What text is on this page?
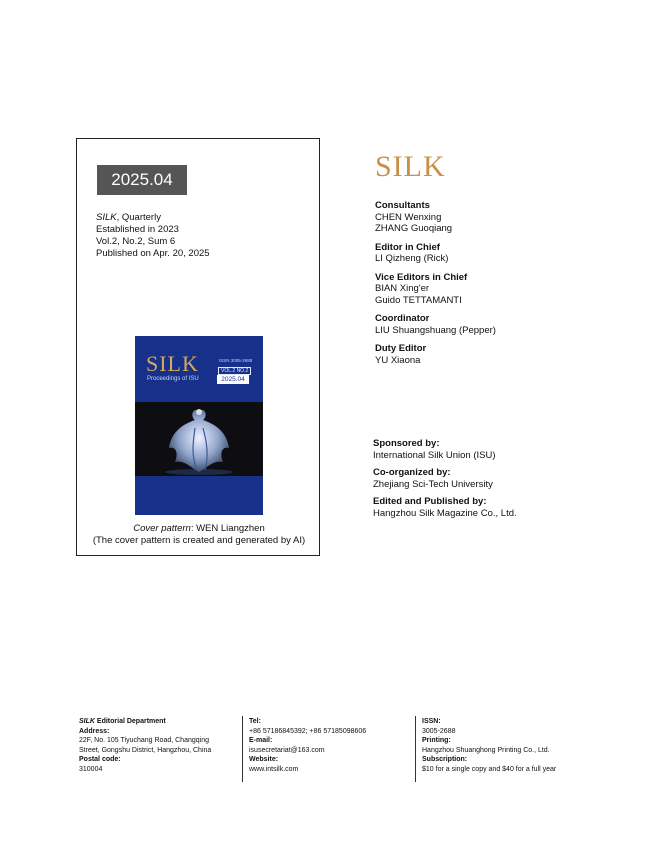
2025.04
SILK, Quarterly
Established in 2023
Vol.2, No.2, Sum 6
Published on Apr. 20, 2025
SILK
Proceedings of ISU
ISSN 3005-2688
VOL.2 NO.2
2025.04
Cover pattern: WEN Liangzhen
(The cover pattern is created and generated by AI)
SILK
Consultants
CHEN Wenxing
ZHANG Guoqiang
Editor in Chief
LI Qizheng (Rick)
Vice Editors in Chief
BIAN Xing'er
Guido TETTAMANTI
Coordinator
LIU Shuangshuang (Pepper)
Duty Editor
YU Xiaona
Sponsored by:
International Silk Union (ISU)
Co-organized by:
Zhejiang Sci-Tech University
Edited and Published by:
Hangzhou Silk Magazine Co., Ltd.
SILK Editorial Department
Address:
22F, No. 105 Tiyuchang Road, Changqing
Street, Gongshu District, Hangzhou, China
Postal code:
310004
Tel:
+86 57186845392; +86 57185098606
E-mail:
isusecretariat@163.com
Website:
www.intsilk.com
ISSN:
3005-2688
Printing:
Hangzhou Shuanghong Printing Co., Ltd.
Subscription:
$10 for a single copy and $40 for a full year
